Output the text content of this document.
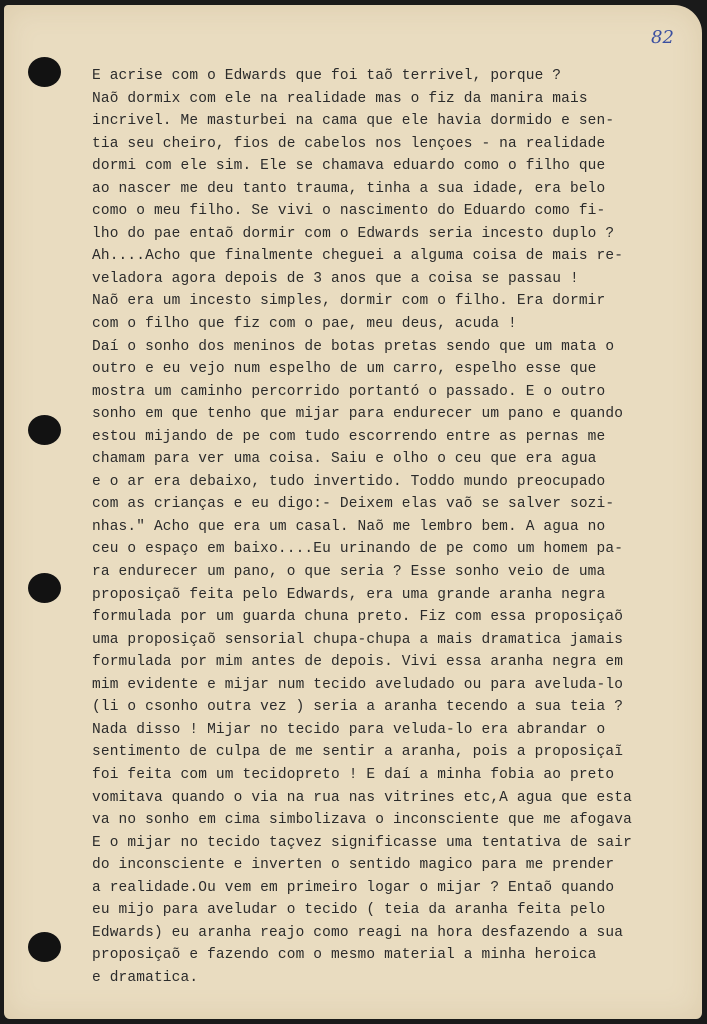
82
E acrise com o Edwards que foi taõ terrivel, porque ?
Naõ dormix com ele na realidade mas o fiz da manira mais
incrivel. Me masturbei na cama que ele havia dormido e sen-
tia seu cheiro, fios de cabelos nos lençoes - na realidade
dormi com ele sim. Ele se chamava eduardo como o filho que
ao nascer me deu tanto trauma, tinha a sua idade, era belo
como o meu filho. Se vivi o nascimento do Eduardo como fi-
lho do pae entaõ dormir com o Edwards seria incesto duplo ?
Ah....Acho que finalmente cheguei a alguma coisa de mais re-
veladora agora depois de 3 anos que a coisa se passau !
Naõ era um incesto simples, dormir com o filho. Era dormir
com o filho que fiz com o pae, meu deus, acuda !
Daí o sonho dos meninos de botas pretas sendo que um mata o
outro e eu vejo num espelho de um carro, espelho esse que
mostra um caminho percorrido portantó o passado. E o outro
sonho em que tenho que mijar para endurecer um pano e quando
estou mijando de pe com tudo escorrendo entre as pernas me
chamam para ver uma coisa. Saiu e olho o ceu que era agua
e o ar era debaixo, tudo invertido. Toddo mundo preocupado
com as crianças e eu digo:- Deixem elas vaõ se salver sozi-
nhas." Acho que era um casal. Naõ me lembro bem. A agua no
ceu o espaço em baixo....Eu urinando de pe como um homem pa-
ra endurecer um pano, o que seria ? Esse sonho veio de uma
proposiçaõ feita pelo Edwards, era uma grande aranha negra
formulada por um guarda chuna preto. Fiz com essa proposiçaõ
uma proposiçaõ sensorial chupa-chupa a mais dramatica jamais
formulada por mim antes de depois. Vivi essa aranha negra em
mim evidente e mijar num tecido aveludado ou para aveluda-lo
(li o csonho outra vez ) seria a aranha tecendo a sua teia ?
Nada disso ! Mijar no tecido para veluda-lo era abrandar o
sentimento de culpa de me sentir a aranha, pois a proposiçaĩ
foi feita com um tecidopreto ! E daí a minha fobia ao preto
vomitava quando o via na rua nas vitrines etc,A agua que esta
va no sonho em cima simbolizava o inconsciente que me afogava
E o mijar no tecido taçvez significasse uma tentativa de sair
do inconsciente e inverten o sentido magico para me prender
a realidade.Ou vem em primeiro logar o mijar ? Entaõ quando
eu mijo para aveludar o tecido ( teia da aranha feita pelo
Edwards) eu aranha reajo como reagi na hora desfazendo a sua
proposiçaõ e fazendo com o mesmo material a minha heroica
e dramatica.
